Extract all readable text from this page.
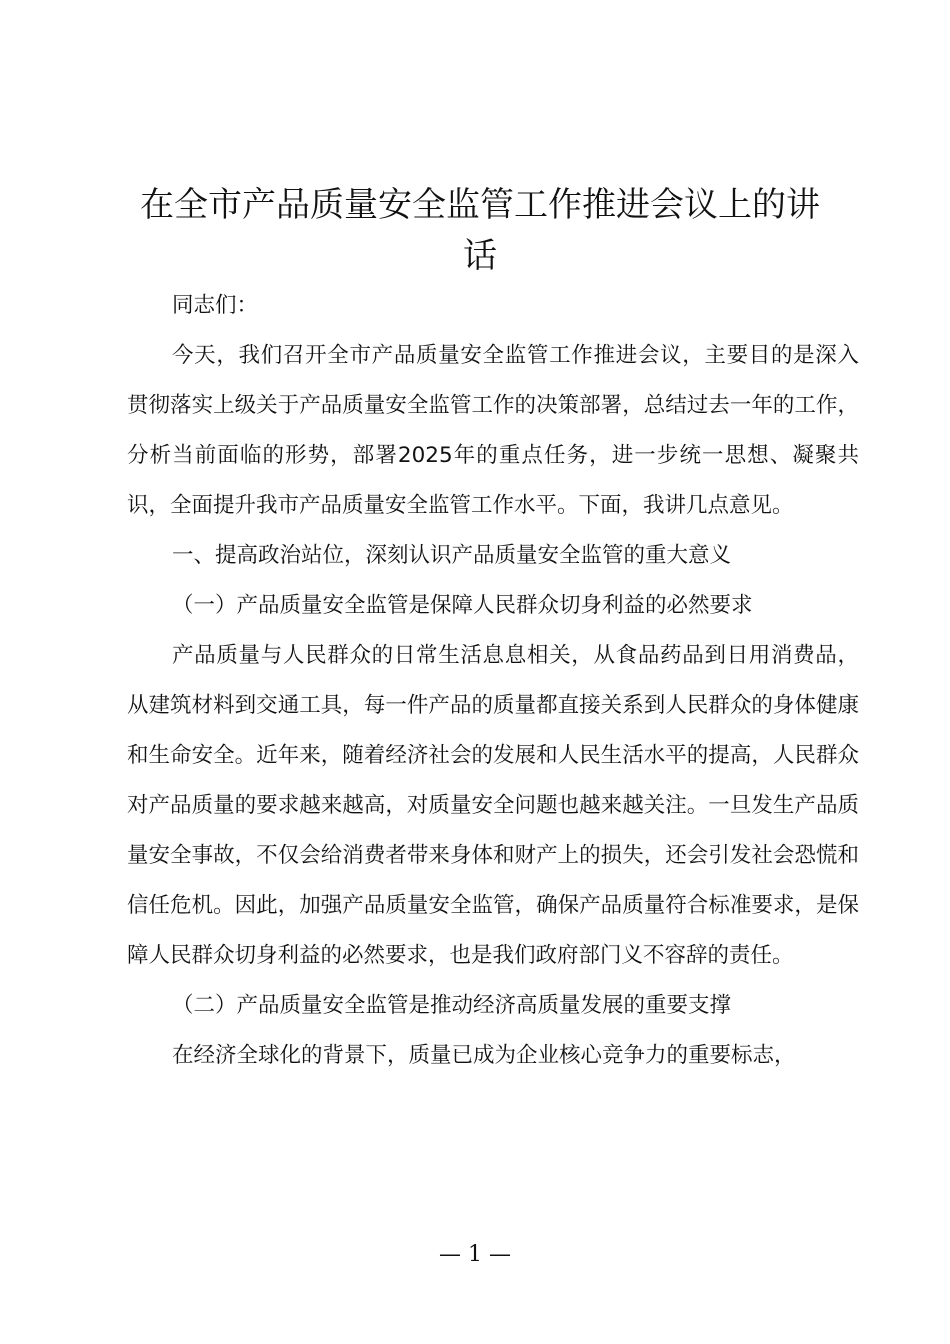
在全市产品质量安全监管工作推进会议上的讲
话

同志们：

今天，我们召开全市产品质量安全监管工作推进会议，主要目的是深入贯彻落实上级关于产品质量安全监管工作的决策部署，总结过去一年的工作，分析当前面临的形势，部署2025年的重点任务，进一步统一思想、凝聚共识，全面提升我市产品质量安全监管工作水平。下面，我讲几点意见。

一、提高政治站位，深刻认识产品质量安全监管的重大意义

（一）产品质量安全监管是保障人民群众切身利益的必然要求

产品质量与人民群众的日常生活息息相关，从食品药品到日用消费品，从建筑材料到交通工具，每一件产品的质量都直接关系到人民群众的身体健康和生命安全。近年来，随着经济社会的发展和人民生活水平的提高，人民群众对产品质量的要求越来越高，对质量安全问题也越来越关注。一旦发生产品质量安全事故，不仅会给消费者带来身体和财产上的损失，还会引发社会恐慌和信任危机。因此，加强产品质量安全监管，确保产品质量符合标准要求，是保障人民群众切身利益的必然要求，也是我们政府部门义不容辞的责任。

（二）产品质量安全监管是推动经济高质量发展的重要支撑

在经济全球化的背景下，质量已成为企业核心竞争力的重要标志，

— 1 —
